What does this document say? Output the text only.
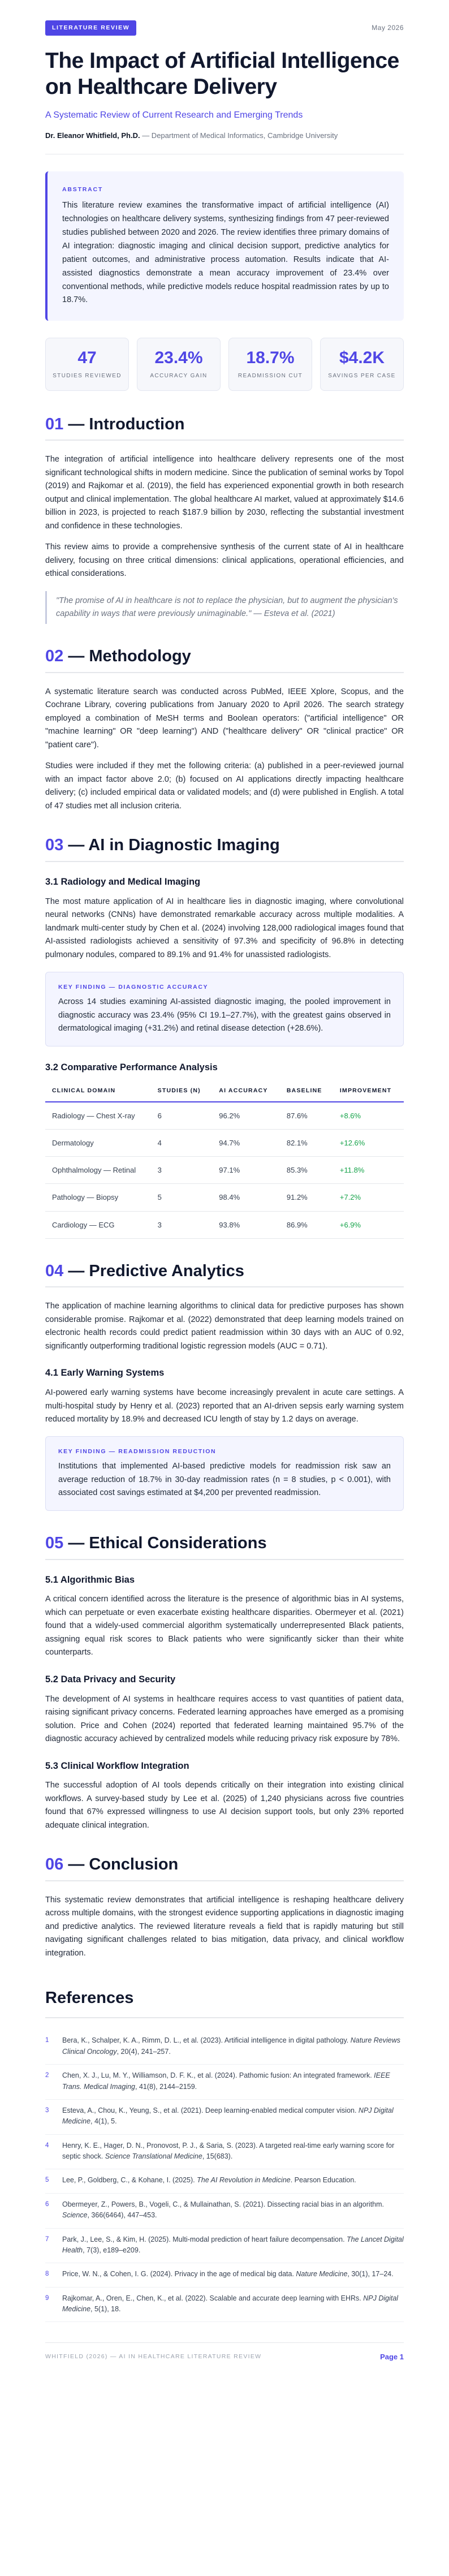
LITERATURE REVIEW	May 2026
The Impact of Artificial Intelligence on Healthcare Delivery
A Systematic Review of Current Research and Emerging Trends
Dr. Eleanor Whitfield, Ph.D. — Department of Medical Informatics, Cambridge University
ABSTRACT

This literature review examines the transformative impact of artificial intelligence (AI) technologies on healthcare delivery systems, synthesizing findings from 47 peer-reviewed studies published between 2020 and 2026. The review identifies three primary domains of AI integration: diagnostic imaging and clinical decision support, predictive analytics for patient outcomes, and administrative process automation. Results indicate that AI-assisted diagnostics demonstrate a mean accuracy improvement of 23.4% over conventional methods, while predictive models reduce hospital readmission rates by up to 18.7%.

47
STUDIES REVIEWED
23.4%
ACCURACY GAIN
18.7%
READMISSION CUT
$4.2K
SAVINGS PER CASE
01 — Introduction

The integration of artificial intelligence into healthcare delivery represents one of the most significant technological shifts in modern medicine. Since the publication of seminal works by Topol (2019) and Rajkomar et al. (2019), the field has experienced exponential growth in both research output and clinical implementation. The global healthcare AI market, valued at approximately $14.6 billion in 2023, is projected to reach $187.9 billion by 2030, reflecting the substantial investment and confidence in these technologies.

This review aims to provide a comprehensive synthesis of the current state of AI in healthcare delivery, focusing on three critical dimensions: clinical applications, operational efficiencies, and ethical considerations.

"The promise of AI in healthcare is not to replace the physician, but to augment the physician's capability in ways that were previously unimaginable." — Esteva et al. (2021)
02 — Methodology

A systematic literature search was conducted across PubMed, IEEE Xplore, Scopus, and the Cochrane Library, covering publications from January 2020 to April 2026. The search strategy employed a combination of MeSH terms and Boolean operators: ("artificial intelligence" OR "machine learning" OR "deep learning") AND ("healthcare delivery" OR "clinical practice" OR "patient care").

Studies were included if they met the following criteria: (a) published in a peer-reviewed journal with an impact factor above 2.0; (b) focused on AI applications directly impacting healthcare delivery; (c) included empirical data or validated models; and (d) were published in English. A total of 47 studies met all inclusion criteria.

03 — AI in Diagnostic Imaging
3.1 Radiology and Medical Imaging

The most mature application of AI in healthcare lies in diagnostic imaging, where convolutional neural networks (CNNs) have demonstrated remarkable accuracy across multiple modalities. A landmark multi-center study by Chen et al. (2024) involving 128,000 radiological images found that AI-assisted radiologists achieved a sensitivity of 97.3% and specificity of 96.8% in detecting pulmonary nodules, compared to 89.1% and 91.4% for unassisted radiologists.

KEY FINDING — DIAGNOSTIC ACCURACY

Across 14 studies examining AI-assisted diagnostic imaging, the pooled improvement in diagnostic accuracy was 23.4% (95% CI 19.1–27.7%), with the greatest gains observed in dermatological imaging (+31.2%) and retinal disease detection (+28.6%).

3.2 Comparative Performance Analysis
CLINICAL DOMAIN	STUDIES (N)	AI ACCURACY	BASELINE	IMPROVEMENT
Radiology — Chest X-ray	6	96.2%	87.6%	+8.6%
Dermatology	4	94.7%	82.1%	+12.6%
Ophthalmology — Retinal	3	97.1%	85.3%	+11.8%
Pathology — Biopsy	5	98.4%	91.2%	+7.2%
Cardiology — ECG	3	93.8%	86.9%	+6.9%
04 — Predictive Analytics

The application of machine learning algorithms to clinical data for predictive purposes has shown considerable promise. Rajkomar et al. (2022) demonstrated that deep learning models trained on electronic health records could predict patient readmission within 30 days with an AUC of 0.92, significantly outperforming traditional logistic regression models (AUC = 0.71).

4.1 Early Warning Systems

AI-powered early warning systems have become increasingly prevalent in acute care settings. A multi-hospital study by Henry et al. (2023) reported that an AI-driven sepsis early warning system reduced mortality by 18.9% and decreased ICU length of stay by 1.2 days on average.

KEY FINDING — READMISSION REDUCTION

Institutions that implemented AI-based predictive models for readmission risk saw an average reduction of 18.7% in 30-day readmission rates (n = 8 studies, p < 0.001), with associated cost savings estimated at $4,200 per prevented readmission.

05 — Ethical Considerations
5.1 Algorithmic Bias

A critical concern identified across the literature is the presence of algorithmic bias in AI systems, which can perpetuate or even exacerbate existing healthcare disparities. Obermeyer et al. (2021) found that a widely-used commercial algorithm systematically underrepresented Black patients, assigning equal risk scores to Black patients who were significantly sicker than their white counterparts.

5.2 Data Privacy and Security

The development of AI systems in healthcare requires access to vast quantities of patient data, raising significant privacy concerns. Federated learning approaches have emerged as a promising solution. Price and Cohen (2024) reported that federated learning maintained 95.7% of the diagnostic accuracy achieved by centralized models while reducing privacy risk exposure by 78%.

5.3 Clinical Workflow Integration

The successful adoption of AI tools depends critically on their integration into existing clinical workflows. A survey-based study by Lee et al. (2025) of 1,240 physicians across five countries found that 67% expressed willingness to use AI decision support tools, but only 23% reported adequate clinical integration.

06 — Conclusion

This systematic review demonstrates that artificial intelligence is reshaping healthcare delivery across multiple domains, with the strongest evidence supporting applications in diagnostic imaging and predictive analytics. The reviewed literature reveals a field that is rapidly maturing but still navigating significant challenges related to bias mitigation, data privacy, and clinical workflow integration.

References
1	Bera, K., Schalper, K. A., Rimm, D. L., et al. (2023). Artificial intelligence in digital pathology. Nature Reviews Clinical Oncology, 20(4), 241–257.
2	Chen, X. J., Lu, M. Y., Williamson, D. F. K., et al. (2024). Pathomic fusion: An integrated framework. IEEE Trans. Medical Imaging, 41(8), 2144–2159.
3	Esteva, A., Chou, K., Yeung, S., et al. (2021). Deep learning-enabled medical computer vision. NPJ Digital Medicine, 4(1), 5.
4	Henry, K. E., Hager, D. N., Pronovost, P. J., & Saria, S. (2023). A targeted real-time early warning score for septic shock. Science Translational Medicine, 15(683).
5	Lee, P., Goldberg, C., & Kohane, I. (2025). The AI Revolution in Medicine. Pearson Education.
6	Obermeyer, Z., Powers, B., Vogeli, C., & Mullainathan, S. (2021). Dissecting racial bias in an algorithm. Science, 366(6464), 447–453.
7	Park, J., Lee, S., & Kim, H. (2025). Multi-modal prediction of heart failure decompensation. The Lancet Digital Health, 7(3), e189–e209.
8	Price, W. N., & Cohen, I. G. (2024). Privacy in the age of medical big data. Nature Medicine, 30(1), 17–24.
9	Rajkomar, A., Oren, E., Chen, K., et al. (2022). Scalable and accurate deep learning with EHRs. NPJ Digital Medicine, 5(1), 18.
WHITFIELD (2026) — AI IN HEALTHCARE LITERATURE REVIEW	Page 1
